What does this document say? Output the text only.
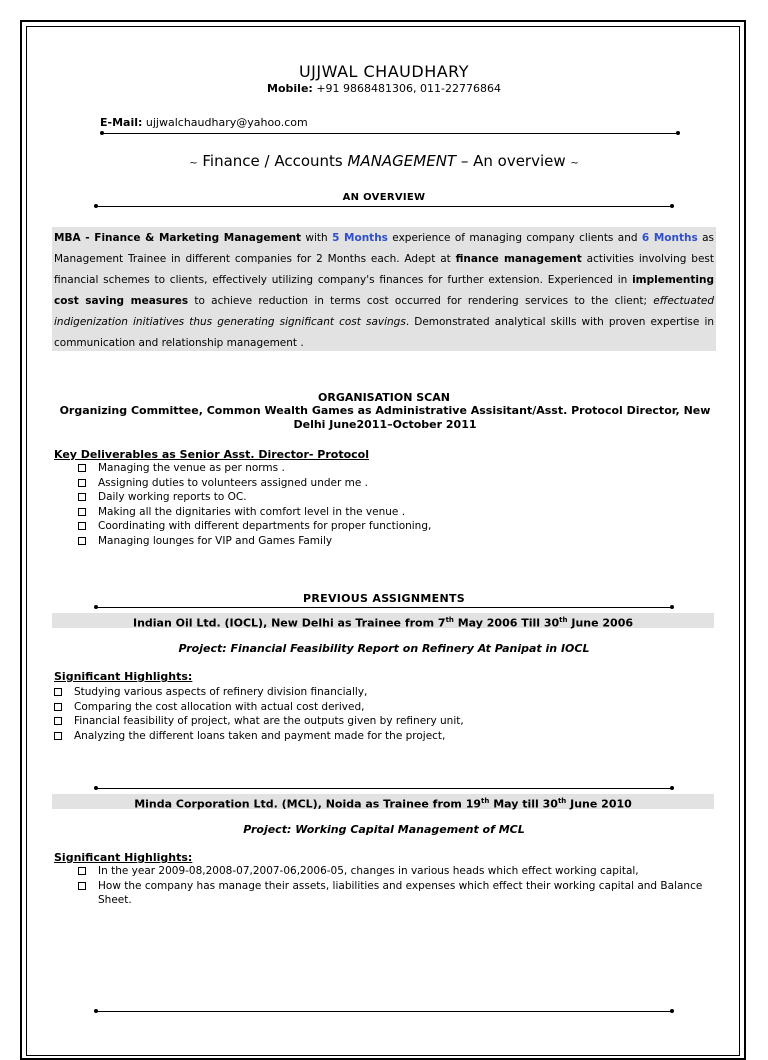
UJJWAL CHAUDHARY
Mobile: +91 9868481306, 011-22776864
E-Mail: ujjwalchaudhary@yahoo.com
~ Finance / Accounts MANAGEMENT – An overview ~
AN OVERVIEW
MBA - Finance & Marketing Management with 5 Months experience of managing company clients and 6 Months as Management Trainee in different companies for 2 Months each. Adept at finance management activities involving best financial schemes to clients, effectively utilizing company's finances for further extension. Experienced in implementing cost saving measures to achieve reduction in terms cost occurred for rendering services to the client; effectuated indigenization initiatives thus generating significant cost savings. Demonstrated analytical skills with proven expertise in communication and relationship management .
ORGANISATION SCAN
Organizing Committee, Common Wealth Games as Administrative Assisitant/Asst. Protocol Director, New Delhi June2011–October 2011
Key Deliverables as Senior Asst. Director- Protocol
Managing the venue as per norms .
Assigning duties to volunteers assigned under me .
Daily working reports to OC.
Making all the dignitaries with comfort level in the venue .
Coordinating with different departments for proper functioning,
Managing lounges for VIP and Games Family
PREVIOUS ASSIGNMENTS
Indian Oil Ltd. (IOCL), New Delhi as Trainee from 7th May 2006 Till 30th June 2006
Project: Financial Feasibility Report on Refinery At Panipat in IOCL
Significant Highlights:
Studying various aspects of refinery division financially,
Comparing the cost allocation with actual cost derived,
Financial feasibility of project, what are the outputs given by refinery unit,
Analyzing the different loans taken and payment made for the project,
Minda Corporation Ltd. (MCL), Noida as Trainee from 19th May till 30th June 2010
Project: Working Capital Management of MCL
Significant Highlights:
In the year 2009-08,2008-07,2007-06,2006-05, changes in various heads which effect working capital,
How the company has manage their assets, liabilities and expenses which effect their working capital and Balance Sheet.
